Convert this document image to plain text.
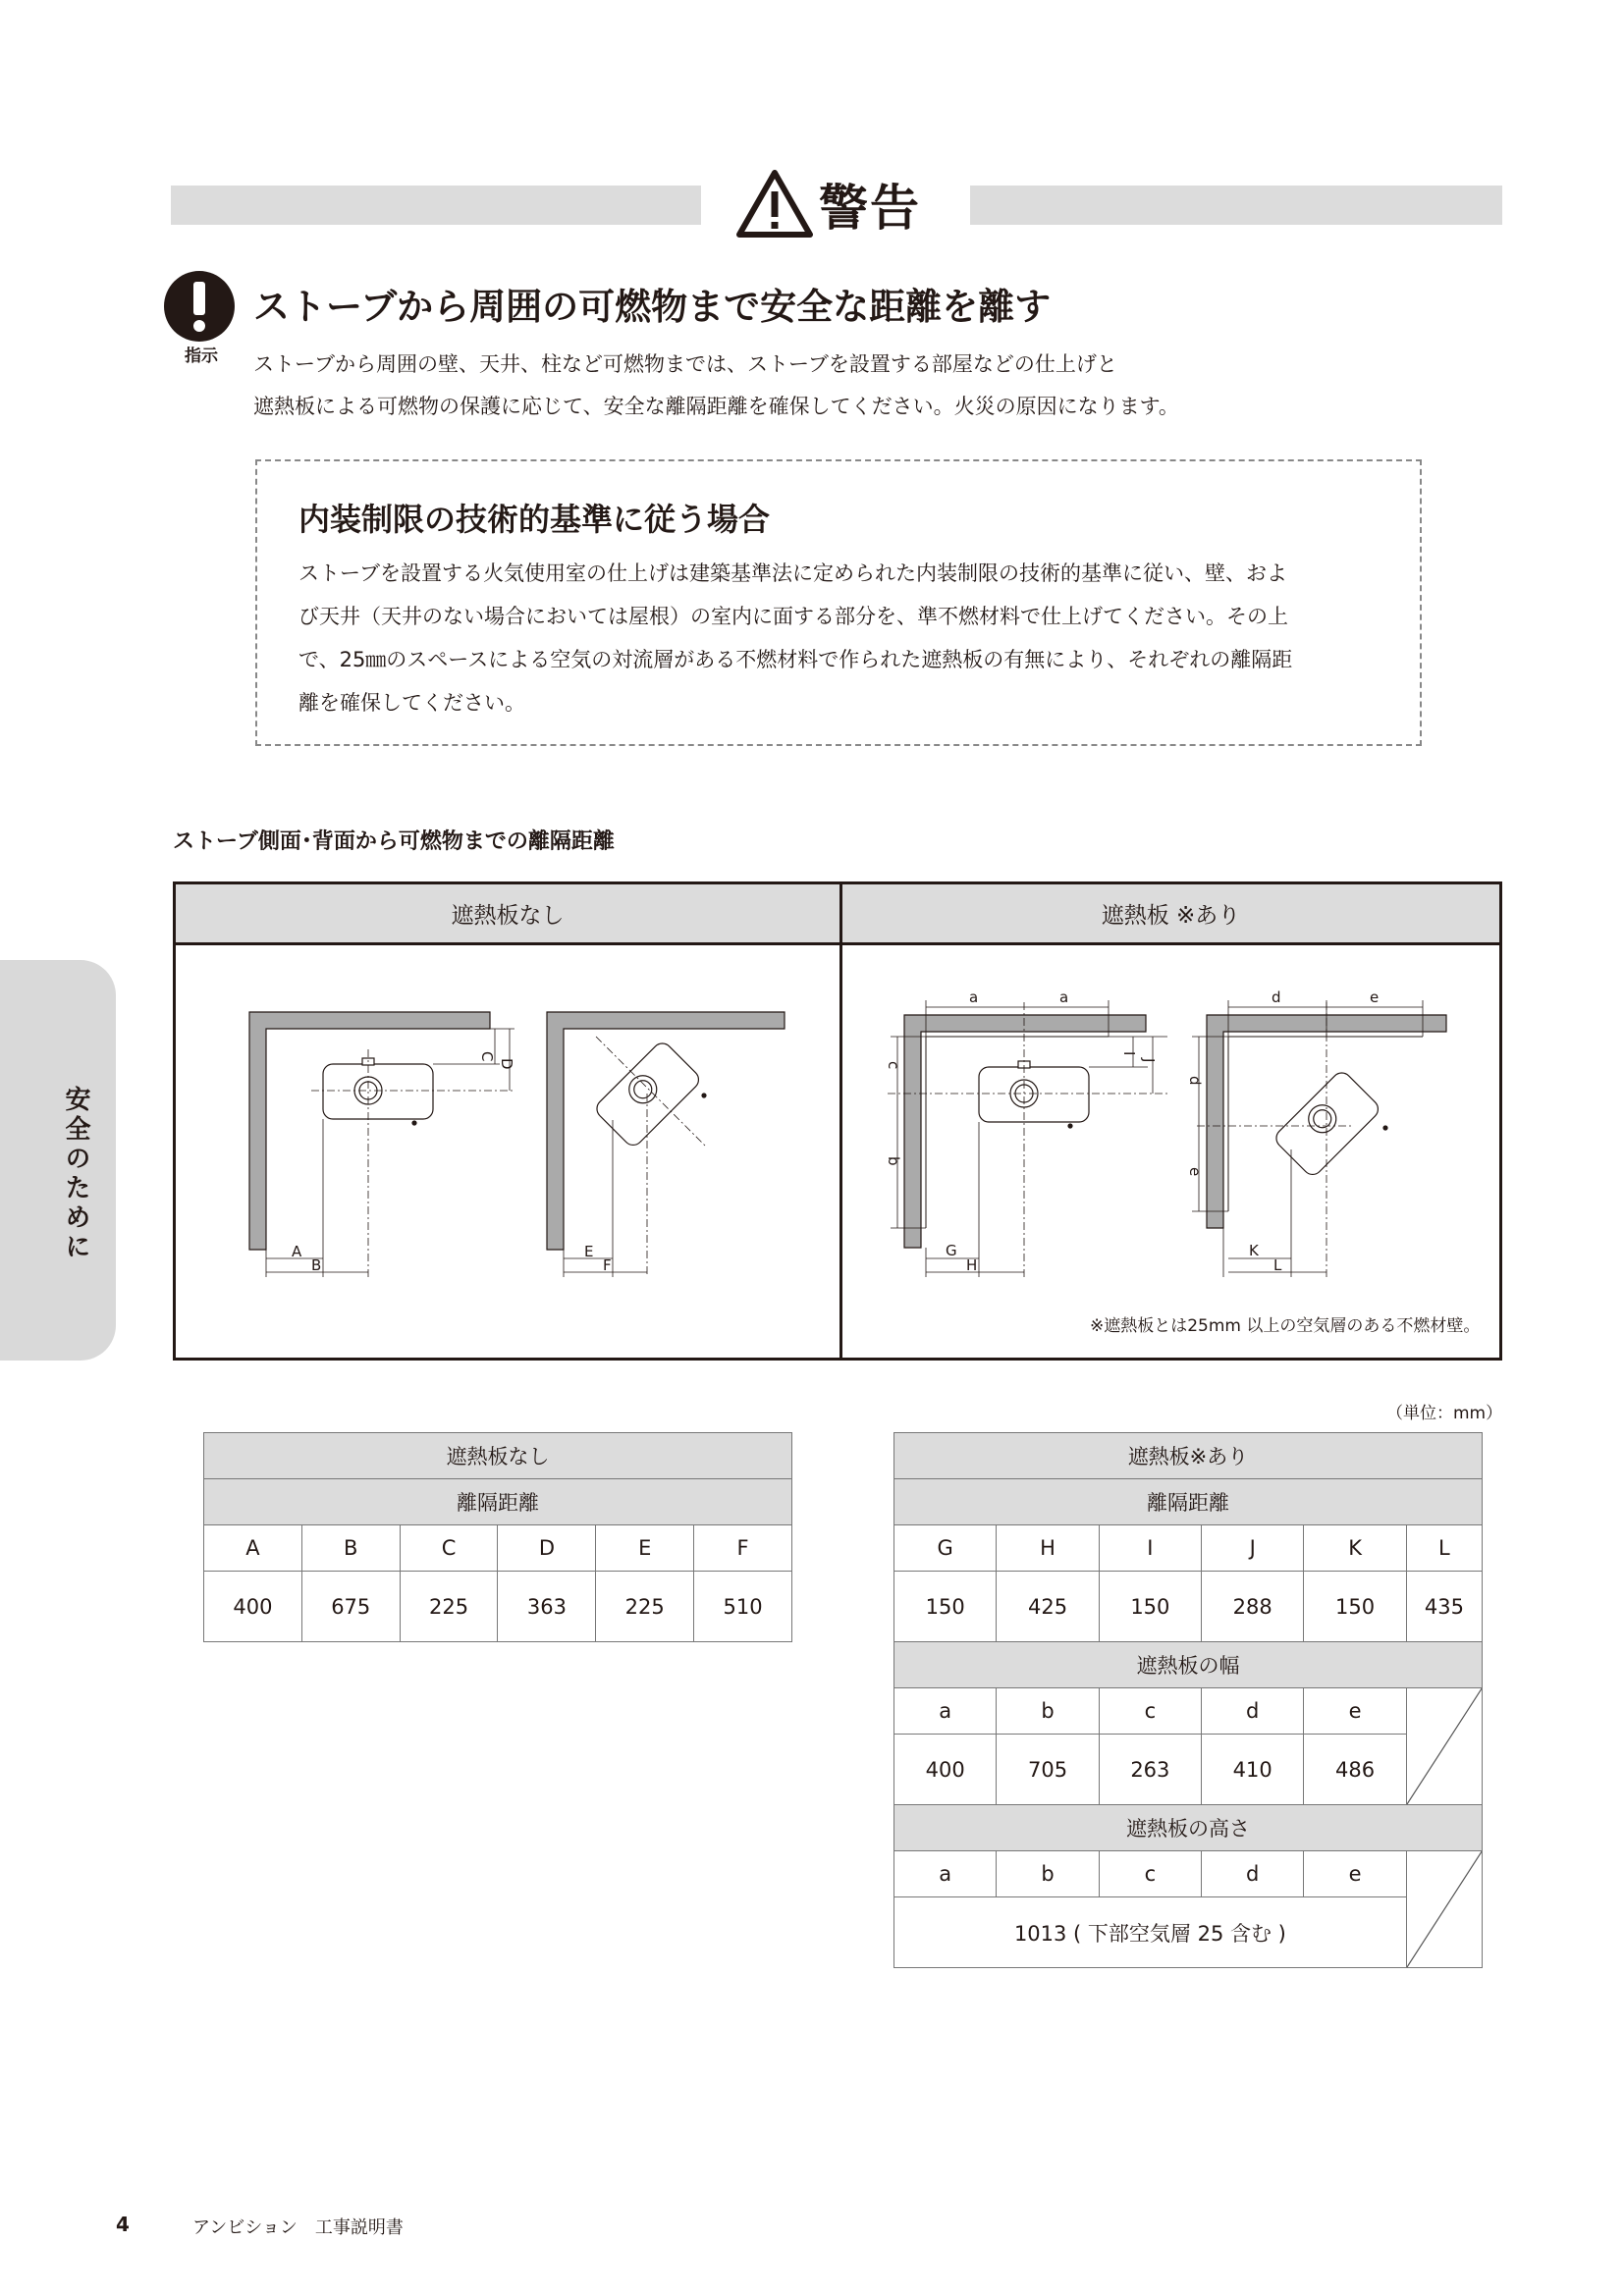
警告
指示
ストーブから周囲の可燃物まで安全な距離を離す

ストーブから周囲の壁、天井、柱など可燃物までは、ストーブを設置する部屋などの仕上げと

遮熱板による可燃物の保護に応じて、安全な離隔距離を確保してください。火災の原因になります。

内装制限の技術的基準に従う場合

ストーブを設置する火気使用室の仕上げは建築基準法に定められた内装制限の技術的基準に従い、壁、およ

び天井（天井のない場合においては屋根）の室内に面する部分を、準不燃材料で仕上げてください。その上

で、25㎜のスペースによる空気の対流層がある不燃材料で作られた遮熱板の有無により、それぞれの離隔距

離を確保してください。

安全のために
ストーブ側面･背面から可燃物までの離隔距離
遮熱板なし	遮熱板 ※あり
A
B
C
D
E
F
a	a
c
b
G
H
I
J
d	e
d
e
K
L
※遮熱板とは25mm 以上の空気層のある不燃材壁。
（単位：mm）
遮熱板なし					
離隔距離					
A	B	C	D	E	F
400	675	225	363	225	510
遮熱板※あり					
離隔距離					
G	H	I	J	K	L
150	425	150	288	150	435
遮熱板の幅					
a	b	c	d	e	

400	705	263	410	486	
遮熱板の高さ					
a	b	c	d	e	

1013 ( 下部空気層 25 含む )					
4	アンビション　工事説明書
